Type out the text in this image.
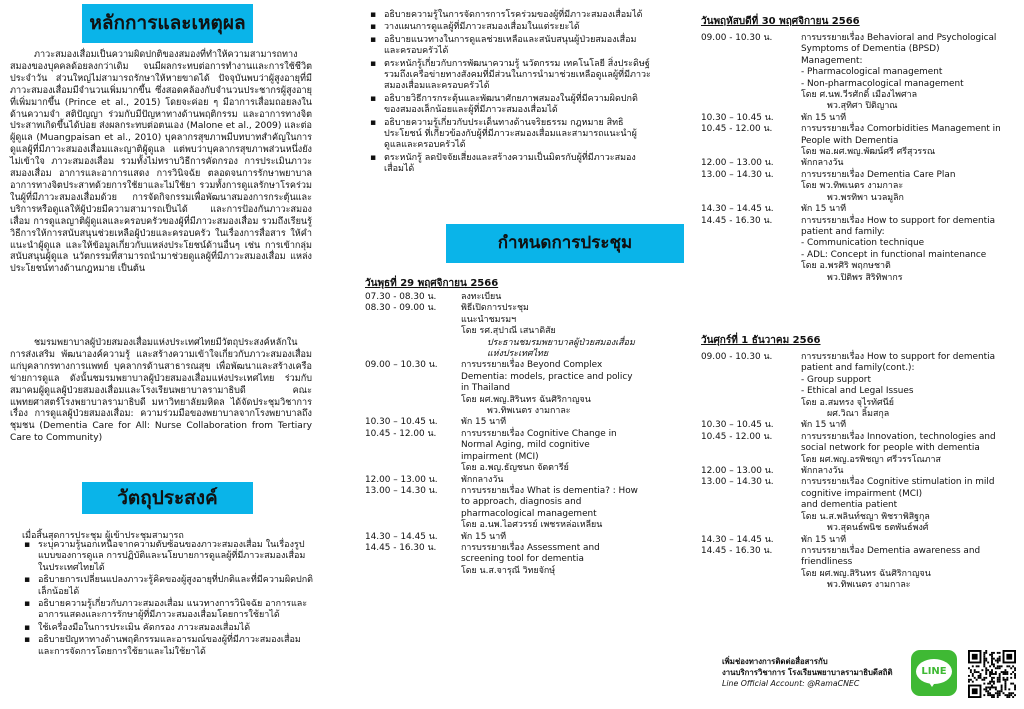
หลักการและเหตุผล

ภาวะสมองเสื่อมเป็นความผิดปกติของสมองที่ทำให้ความสามารถทางสมองของบุคคลด้อยลงกว่าเดิม จนมีผลกระทบต่อการทำงานและการใช้ชีวิตประจำวัน ส่วนใหญ่ไม่สามารถรักษาให้หายขาดได้ ปัจจุบันพบว่าผู้สูงอายุที่มีภาวะสมองเสื่อมมีจำนวนเพิ่มมากขึ้น ซึ่งสอดคล้องกับจำนวนประชากรผู้สูงอายุที่เพิ่มมากขึ้น (Prince et al., 2015) โดยจะค่อย ๆ มีอาการเสื่อมถอยลงในด้านความจำ สติปัญญา ร่วมกับมีปัญหาทางด้านพฤติกรรม และอาการทางจิตประสาทเกิดขึ้นได้บ่อย ส่งผลกระทบต่อตนเอง (Malone et al., 2009) และต่อผู้ดูแล (Muangpaisan et al., 2010) บุคลากรสุขภาพมีบทบาทสำคัญในการดูแลผู้ที่มีภาวะสมองเสื่อมและญาติผู้ดูแล แต่พบว่าบุคลากรสุขภาพส่วนหนึ่งยังไม่เข้าใจ ภาวะสมองเสื่อม รวมทั้งไม่ทราบวิธีการคัดกรอง การประเมินภาวะสมองเสื่อม อาการและอาการแสดง การวินิจฉัย ตลอดจนการรักษาพยาบาลอาการทางจิตประสาทด้วยการใช้ยาและไม่ใช้ยา รวมทั้งการดูแลรักษาโรคร่วมในผู้ที่มีภาวะสมองเสื่อมด้วย การจัดกิจกรรมเพื่อพัฒนาสมองการกระตุ้นและบริการหรือดูแลให้ผู้ป่วยมีความสามารถเป็นได้ และการป้องกันภาวะสมองเสื่อม การดูแลญาติผู้ดูแลและครอบครัวของผู้ที่มีภาวะสมองเสื่อม รวมถึงเรียนรู้วิธีการให้การสนับสนุนช่วยเหลือผู้ป่วยและครอบครัว ในเรื่องการสื่อสาร ให้คำแนะนำผู้ดูแล และให้ข้อมูลเกี่ยวกับแหล่งประโยชน์ด้านอื่นๆ เช่น การเข้ากลุ่มสนับสนุนผู้ดูแล นวัตกรรมที่สามารถนำมาช่วยดูแลผู้ที่มีภาวะสมองเสื่อม แหล่งประโยชน์ทางด้านกฎหมาย เป็นต้น

ชมรมพยาบาลผู้ป่วยสมองเสื่อมแห่งประเทศไทยมีวัตถุประสงค์หลักในการส่งเสริม พัฒนาองค์ความรู้ และสร้างความเข้าใจเกี่ยวกับภาวะสมองเสื่อมแก่บุคลากรทางการแพทย์ บุคลากรด้านสาธารณสุข เพื่อพัฒนาและสร้างเครือข่ายการดูแล ดังนั้นชมรมพยาบาลผู้ป่วยสมองเสื่อมแห่งประเทศไทย ร่วมกับสมาคมผู้ดูแลผู้ป่วยสมองเสื่อมและโรงเรียนพยาบาลรามาธิบดี คณะแพทยศาสตร์โรงพยาบาลรามาธิบดี มหาวิทยาลัยมหิดล ได้จัดประชุมวิชาการเรื่อง การดูแลผู้ป่วยสมองเสื่อม: ความร่วมมือของพยาบาลจากโรงพยาบาลถึงชุมชน (Dementia Care for All: Nurse Collaboration from Tertiary Care to Community)

วัตถุประสงค์
เมื่อสิ้นสุดการประชุม ผู้เข้าประชุมสามารถ
▪ ระบุความรู้นอกเหนือจากความตับซ้อนของภาวะสมองเสื่อม ในเรื่องรูปแบบของการดูแล การปฏิบัติและนโยบายการดูแลผู้ที่มีภาวะสมองเสื่อมในประเทศไทยได้
▪ อธิบายการเปลี่ยนแปลงภาวะรู้คิดของผู้สูงอายุที่ปกติและที่มีความผิดปกติเล็กน้อยได้
▪ อธิบายความรู้เกี่ยวกับภาวะสมองเสื่อม แนวทางการวินิจฉัย อาการและอาการแสดงและการรักษาผู้ที่มีภาวะสมองเสื่อมโดยการใช้ยาได้
▪ ใช้เครื่องมือในการประเมิน คัดกรอง ภาวะสมองเสื่อมได้
▪ อธิบายปัญหาทางด้านพฤติกรรมและอารมณ์ของผู้ที่มีภาวะสมองเสื่อมและการจัดการโดยการใช้ยาและไม่ใช้ยาได้
▪ อธิบายความรู้ในการจัดการการโรคร่วมของผู้ที่มีภาวะสมองเสื่อมได้
▪ วางแผนการดูแลผู้ที่มีภาวะสมองเสื่อมในแต่ระยะได้
▪ อธิบายแนวทางในการดูแลช่วยเหลือและสนับสนุนผู้ป่วยสมองเสื่อมและครอบครัวได้
▪ ตระหนักรู้เกี่ยวกับการพัฒนาความรู้ นวัตกรรม เทคโนโลยี สิ่งประดิษฐ์ รวมถึงเครือข่ายทางสังคมที่มีส่วนในการนำมาช่วยเหลือดูแลผู้ที่มีภาวะสมองเสื่อมและครอบครัวได้
▪ อธิบายวิธีการกระตุ้นและพัฒนาศักยภาพสมองในผู้ที่มีความผิดปกติของสมองเล็กน้อยและผู้ที่มีภาวะสมองเสื่อมได้
▪ อธิบายความรู้เกี่ยวกับประเด็นทางด้านจริยธรรม กฎหมาย สิทธิประโยชน์ ที่เกี่ยวข้องกับผู้ที่มีภาวะสมองเสื่อมและสามารถแนะนำผู้ดูแลและครอบครัวได้
▪ ตระหนักรู้ ลดปัจจัยเสี่ยงและสร้างความเป็นมิตรกับผู้ที่มีภาวะสมองเสื่อมได้
กำหนดการประชุม
วันพุธที่ 29 พฤศจิกายน 2566
07.30 - 08.30 น.	ลงทะเบียน
08.30 - 09.00 น.	พิธีเปิดการประชุม
แนะนำชมรมฯ
โดย รศ.สุปาณี เสนาดิสัย
ประธานชมรมพยาบาลผู้ป่วยสมองเสื่อม
แห่งประเทศไทย
09.00 – 10.30 น.	การบรรยายเรื่อง Beyond Complex
Dementia: models, practice and policy
in Thailand
โดย ผศ.พญ.สิรินทร ฉันศิริกาญจน
พว.ทิพเนตร งามกาละ
10.30 – 10.45 น.	พัก 15 นาที
10.45 - 12.00 น.	การบรรยายเรื่อง Cognitive Change in
Normal Aging, mild cognitive
impairment (MCI)
โดย อ.พญ.ธัญชนก จัตตารีย์
12.00 – 13.00 น.	พักกลางวัน
13.00 – 14.30 น.	การบรรยายเรื่อง What is dementia? : How
to approach, diagnosis and
pharmacological management
โดย อ.นพ.ไอศวรรย์ เพชรหล่อเหลียน
14.30 – 14.45 น.	พัก 15 นาที
14.45 - 16.30 น.	การบรรยายเรื่อง Assessment and
screening tool for dementia
โดย น.ส.จารุณี วิทยจักษุ์
วันพฤหัสบดีที่ 30 พฤศจิกายน 2566
09.00 - 10.30 น.	การบรรยายเรื่อง Behavioral and Psychological
Symptoms of Dementia (BPSD)
Management:
- Pharmacological management
- Non-pharmacological management
โดย ศ.นพ.วีรศักดิ์ เมืองไพศาล
พว.สุทิศา ปิติญาณ
10.30 – 10.45 น.	พัก 15 นาที
10.45 - 12.00 น.	การบรรยายเรื่อง Comorbidities Management in
People with Dementia
โดย พอ.ผศ.พญ.พัฒน์ศรี ศรีสุวรรณ
12.00 – 13.00 น.	พักกลางวัน
13.00 – 14.30 น.	การบรรยายเรื่อง Dementia Care Plan
โดย พว.ทิพเนตร งามกาละ
พว.พรทิพา นวลมูลิก
14.30 – 14.45 น.	พัก 15 นาที
14.45 - 16.30 น.	การบรรยายเรื่อง How to support for dementia
patient and family:
- Communication technique
- ADL: Concept in functional maintenance
โดย อ.พรศิริ พฤกษชาติ
พว.ปิติพร สิริทิพากร
วันศุกร์ที่ 1 ธันวาคม 2566
09.00 - 10.30 น.	การบรรยายเรื่อง How to support for dementia
patient and family(cont.):
- Group support
- Ethical and Legal Issues
โดย อ.สมทรง จุไรทัศนีย์
ผศ.วิณา ลิ้มสกุล
10.30 – 10.45 น.	พัก 15 นาที
10.45 - 12.00 น.	การบรรยายเรื่อง Innovation, technologies and
social network for people with dementia
โดย ผศ.พญ.อรพิชญา ศรีวรรโณภาส
12.00 – 13.00 น.	พักกลางวัน
13.00 – 14.30 น.	การบรรยายเรื่อง Cognitive stimulation in mild
cognitive impairment (MCI)
and dementia patient
โดย น.ส.พลินท์ชญา พิชราพิสิฐกุล
พว.สุดนธ์พนิช ธตพันธ์พงศ์
14.30 – 14.45 น.	พัก 15 นาที
14.45 - 16.30 น.	การบรรยายเรื่อง Dementia awareness and
friendliness
โดย ผศ.พญ.สิรินทร ฉันศิริกาญจน
พว.ทิพเนตร งามกาละ
เพิ่มช่องทางการติดต่อสื่อสารกับ
งานบริการวิชาการ โรงเรียนพยาบาลรามาธิบดีสถิติ
Line Official Account: @RamaCNEC
LINE
